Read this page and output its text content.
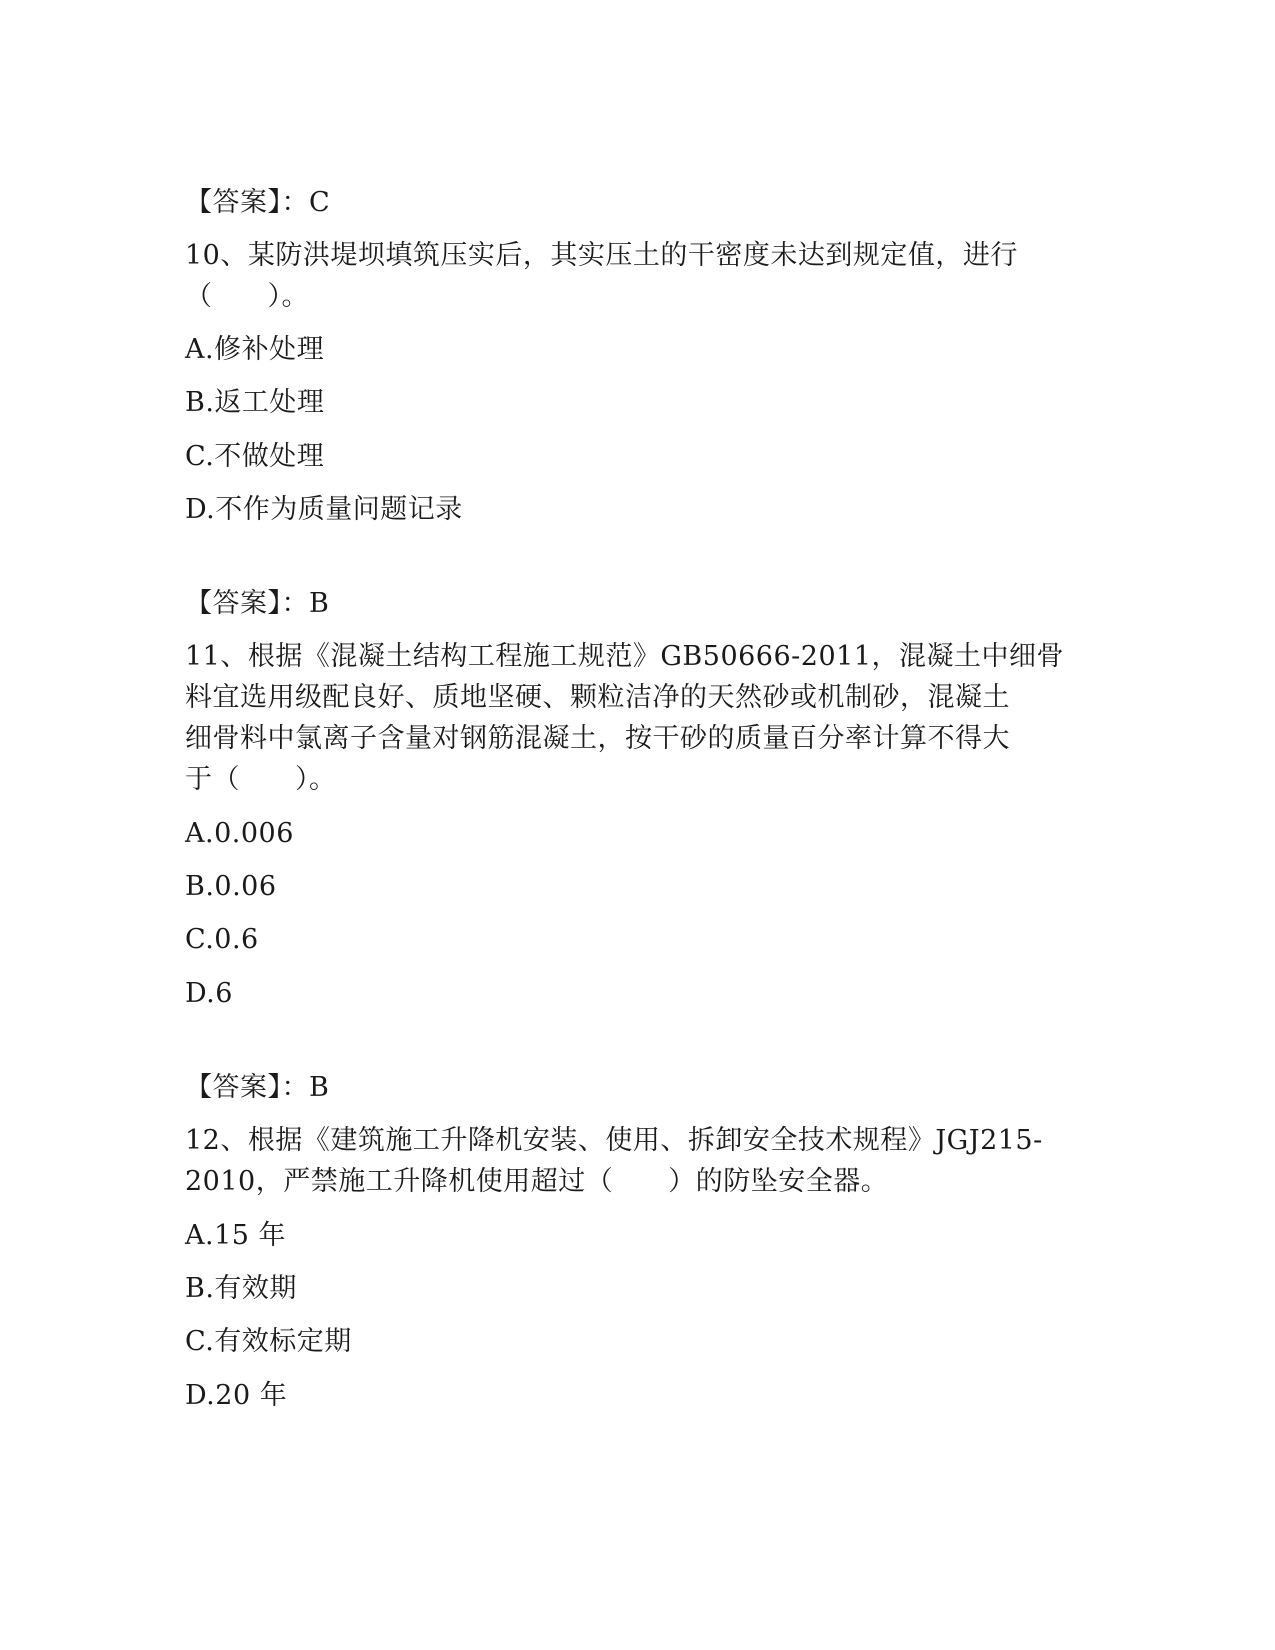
【答案】：C
10、某防洪堤坝填筑压实后，其实压土的干密度未达到规定值，进行
（　　）。
A.修补处理
B.返工处理
C.不做处理
D.不作为质量问题记录
【答案】：B
11、根据《混凝土结构工程施工规范》GB50666-2011，混凝土中细骨
料宜选用级配良好、质地坚硬、颗粒洁净的天然砂或机制砂，混凝土
细骨料中氯离子含量对钢筋混凝土，按干砂的质量百分率计算不得大
于（　　）。
A.0.006
B.0.06
C.0.6
D.6
【答案】：B
12、根据《建筑施工升降机安装、使用、拆卸安全技术规程》JGJ215-
2010，严禁施工升降机使用超过（　　）的防坠安全器。
A.15 年
B.有效期
C.有效标定期
D.20 年
